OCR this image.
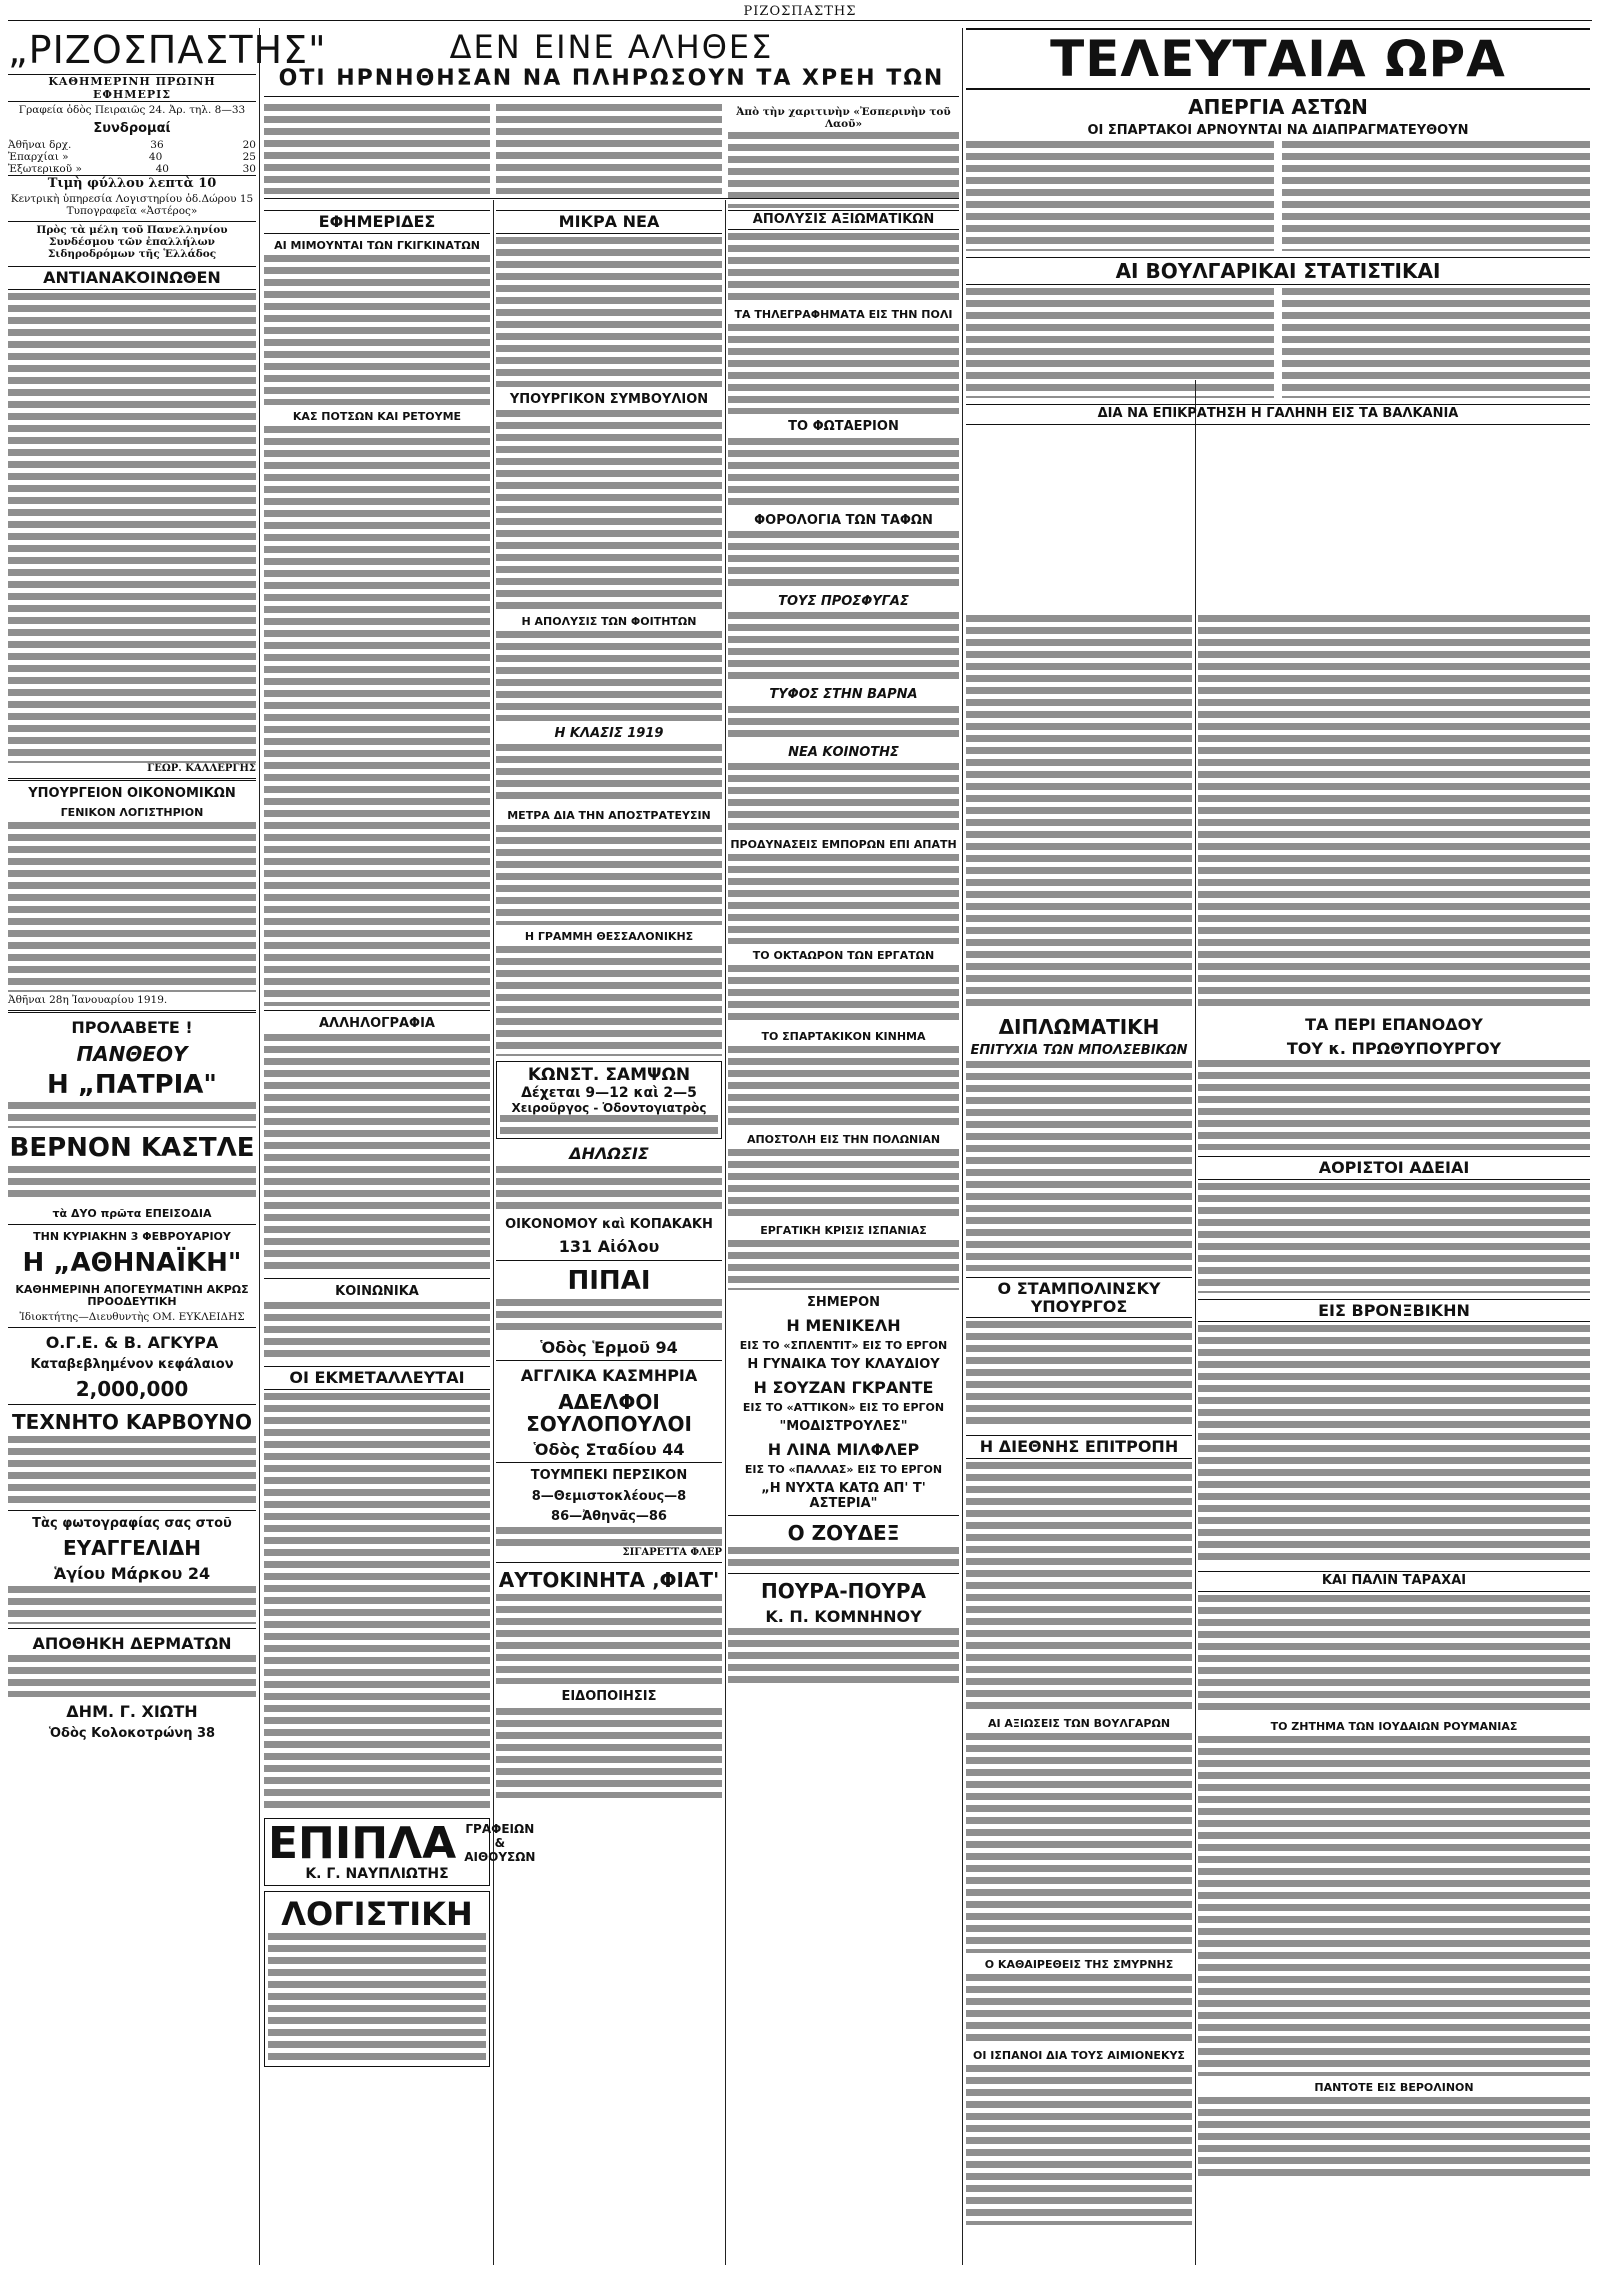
ΡΙΖΟΣΠΑΣΤΗΣ
„ΡΙΖΟΣΠΑΣΤΗΣ"
ΚΑΘΗΜΕΡΙΝΗ ΠΡΩΙΝΗ ΕΦΗΜΕΡΙΣ
Γραφεία ὁδὸς Πειραιῶς 24. Ἀρ. τηλ. 8—33
Συνδρομαί
Ἀθῆναι δρχ.	36	20
Ἐπαρχίαι »	40	25
Ἐξωτερικοῦ »	40	30
Τιμὴ φύλλου λεπτὰ 10
Κεντρικὴ ὑπηρεσία Λογιστηρίου ὁδ.Δώρου 15 Τυπογραφεῖα «Ἀστέρος»
Πρὸς τὰ μέλη τοῦ Πανελληνίου Συνδέσμου τῶν ἐπαλλήλων Σιδηροδρόμων τῆς Ἑλλάδος
ΑΝΤΙΑΝΑΚΟΙΝΩΘΕΝ
ΓΕΩΡ. ΚΑΛΛΕΡΓΗΣ
ΥΠΟΥΡΓΕΙΟΝ ΟΙΚΟΝΟΜΙΚΩΝ
ΓΕΝΙΚΟΝ ΛΟΓΙΣΤΗΡΙΟΝ
Ἀθῆναι 28η Ἰανουαρίου 1919.
ΠΡΟΛΑΒΕΤΕ !
ΠΑΝΘΕΟΥ
Η „ΠΑΤΡΙΑ"
ΒΕΡΝΟΝ ΚΑΣΤΛΕ
τὰ ΔΥΟ πρῶτα ΕΠΕΙΣΟΔΙΑ
ΤΗΝ ΚΥΡΙΑΚΗΝ 3 ΦΕΒΡΟΥΑΡΙΟΥ
Η „ΑΘΗΝΑΪΚΗ"
ΚΑΘΗΜΕΡΙΝΗ ΑΠΟΓΕΥΜΑΤΙΝΗ ΑΚΡΩΣ ΠΡΟΟΔΕΥΤΙΚΗ
Ἰδιοκτήτης—Διευθυντὴς ΟΜ. ΕΥΚΛΕΙΔΗΣ
Ο.Γ.Ε. & Β. ΑΓΚΥΡΑ
Καταβεβλημένον κεφάλαιον
2,000,000
ΤΕΧΝΗΤΟ ΚΑΡΒΟΥΝΟ
Τὰς φωτογραφίας σας στοῦ
ΕΥΑΓΓΕΛΙΔΗ
Ἁγίου Μάρκου 24
ΑΠΟΘΗΚΗ ΔΕΡΜΑΤΩΝ
ΔΗΜ. Γ. ΧΙΩΤΗ
Ὁδὸς Κολοκοτρώνη 38
ΔΕΝ ΕΙΝΕ ΑΛΗΘΕΣ
ΟΤΙ ΗΡΝΗΘΗΣΑΝ ΝΑ ΠΛΗΡΩΣΟΥΝ ΤΑ ΧΡΕΗ ΤΩΝ
Ἀπὸ τὴν χαριτινὴν «Ἐσπερινὴν τοῦ Λαοῦ»
ΕΦΗΜΕΡΙΔΕΣ
ΑΙ ΜΙΜΟΥΝΤΑΙ ΤΩΝ ΓΚΙΓΚΙΝΑΤΩΝ
ΚΑΣ ΠΟΤΣΩΝ ΚΑΙ ΡΕΤΟΥΜΕ
ΑΛΛΗΛΟΓΡΑΦΙΑ
ΚΟΙΝΩΝΙΚΑ
ΟΙ ΕΚΜΕΤΑΛΛΕΥΤΑΙ
ΕΠΙΠΛΑ ΓΡΑΦΕΙΩΝ & ΑΙΘΟΥΣΩΝ
Κ. Γ. ΝΑΥΠΛΙΩΤΗΣ
ΛΟΓΙΣΤΙΚΗ
ΜΙΚΡΑ ΝΕΑ
ΥΠΟΥΡΓΙΚΟΝ ΣΥΜΒΟΥΛΙΟΝ
Η ΑΠΟΛΥΣΙΣ ΤΩΝ ΦΟΙΤΗΤΩΝ
Η ΚΛΑΣΙΣ 1919
ΜΕΤΡΑ ΔΙΑ ΤΗΝ ΑΠΟΣΤΡΑΤΕΥΣΙΝ
Η ΓΡΑΜΜΗ ΘΕΣΣΑΛΟΝΙΚΗΣ
ΚΩΝΣΤ. ΣΑΜΨΩΝ
Δέχεται 9—12 καὶ 2—5
Χειροῦργος - Ὀδοντογιατρὸς
ΔΗΛΩΣΙΣ
ΟΙΚΟΝΟΜΟΥ καὶ ΚΟΠΑΚΑΚΗ
131 Αἰόλου
ΠΙΠΑΙ
Ὁδὸς Ἑρμοῦ 94
ΑΓΓΛΙΚΑ ΚΑΣΜΗΡΙΑ
ΑΔΕΛΦΟΙ ΣΟΥΛΟΠΟΥΛΟΙ
Ὁδὸς Σταδίου 44
ΤΟΥΜΠΕΚΙ ΠΕΡΣΙΚΟΝ
8—Θεμιστοκλέους—8
86—Ἀθηνᾶς—86
ΣΙΓΑΡΕΤΤΑ ΦΛΕΡ
ΑΥΤΟΚΙΝΗΤΑ ‚ΦΙΑΤ'
ΕΙΔΟΠΟΙΗΣΙΣ
ΑΠΟΛΥΣΙΣ ΑΞΙΩΜΑΤΙΚΩΝ
ΤΑ ΤΗΛΕΓΡΑΦΗΜΑΤΑ ΕΙΣ ΤΗΝ ΠΟΛΙ
ΤΟ ΦΩΤΑΕΡΙΟΝ
ΦΟΡΟΛΟΓΙΑ ΤΩΝ ΤΑΦΩΝ
ΤΟΥΣ ΠΡΟΣΦΥΓΑΣ
ΤΥΦΟΣ ΣΤΗΝ ΒΑΡΝΑ
ΝΕΑ ΚΟΙΝΟΤΗΣ
ΠΡΟΔΥΝΑΣΕΙΣ ΕΜΠΟΡΩΝ ΕΠΙ ΑΠΑΤΗ
ΤΟ ΟΚΤΑΩΡΟΝ ΤΩΝ ΕΡΓΑΤΩΝ
ΤΟ ΣΠΑΡΤΑΚΙΚΟΝ ΚΙΝΗΜΑ
ΑΠΟΣΤΟΛΗ ΕΙΣ ΤΗΝ ΠΟΛΩΝΙΑΝ
ΕΡΓΑΤΙΚΗ ΚΡΙΣΙΣ ΙΣΠΑΝΙΑΣ
ΣΗΜΕΡΟΝ
Η ΜΕΝΙΚΕΛΗ
ΕΙΣ ΤΟ «ΣΠΛΕΝΤΙΤ» ΕΙΣ ΤΟ ΕΡΓΟΝ
Η ΓΥΝΑΙΚΑ ΤΟΥ ΚΛΑΥΔΙΟΥ
Η ΣΟΥΖΑΝ ΓΚΡΑΝΤΕ
ΕΙΣ ΤΟ «ΑΤΤΙΚΟΝ» ΕΙΣ ΤΟ ΕΡΓΟΝ
"ΜΟΔΙΣΤΡΟΥΛΕΣ"
Η ΛΙΝΑ ΜΙΛΦΛΕΡ
ΕΙΣ ΤΟ «ΠΑΛΛΑΣ» ΕΙΣ ΤΟ ΕΡΓΟΝ
„Η ΝΥΧΤΑ ΚΑΤΩ ΑΠ' Τ' ΑΣΤΕΡΙΑ"
Ο ΖΟΥΔΕΞ
ΠΟΥΡΑ-ΠΟΥΡΑ
Κ. Π. ΚΟΜΝΗΝΟΥ
ΤΕΛΕΥΤΑΙΑ ΩΡΑ
ΑΠΕΡΓΙΑ ΑΣΤΩΝ
ΟΙ ΣΠΑΡΤΑΚΟΙ ΑΡΝΟΥΝΤΑΙ ΝΑ ΔΙΑΠΡΑΓΜΑΤΕΥΘΟΥΝ
ΑΙ ΒΟΥΛΓΑΡΙΚΑΙ ΣΤΑΤΙΣΤΙΚΑΙ
ΔΙΑ ΝΑ ΕΠΙΚΡΑΤΗΣΗ Η ΓΑΛΗΝΗ ΕΙΣ ΤΑ ΒΑΛΚΑΝΙΑ
ΔΙΠΛΩΜΑΤΙΚΗ
ΕΠΙΤΥΧΙΑ ΤΩΝ ΜΠΟΛΣΕΒΙΚΩΝ
Ο ΣΤΑΜΠΟΛΙΝΣΚΥ ΥΠΟΥΡΓΟΣ
Η ΔΙΕΘΝΗΣ ΕΠΙΤΡΟΠΗ
ΑΙ ΑΞΙΩΣΕΙΣ ΤΩΝ ΒΟΥΛΓΑΡΩΝ
Ο ΚΑΘΑΙΡΕΘΕΙΣ ΤΗΣ ΣΜΥΡΝΗΣ
ΟΙ ΙΣΠΑΝΟΙ ΔΙΑ ΤΟΥΣ ΑΙΜΙΟΝΕΚΥΣ
ΤΑ ΠΕΡΙ ΕΠΑΝΟΔΟΥ
ΤΟΥ κ. ΠΡΩΘΥΠΟΥΡΓΟΥ
ΑΟΡΙΣΤΟΙ ΑΔΕΙΑΙ
ΕΙΣ ΒΡΟΝΞΒΙΚΗΝ
ΚΑΙ ΠΑΛΙΝ ΤΑΡΑΧΑΙ
ΤΟ ΖΗΤΗΜΑ ΤΩΝ ΙΟΥΔΑΙΩΝ ΡΟΥΜΑΝΙΑΣ
ΠΑΝΤΟΤΕ ΕΙΣ ΒΕΡΟΛΙΝΟΝ
